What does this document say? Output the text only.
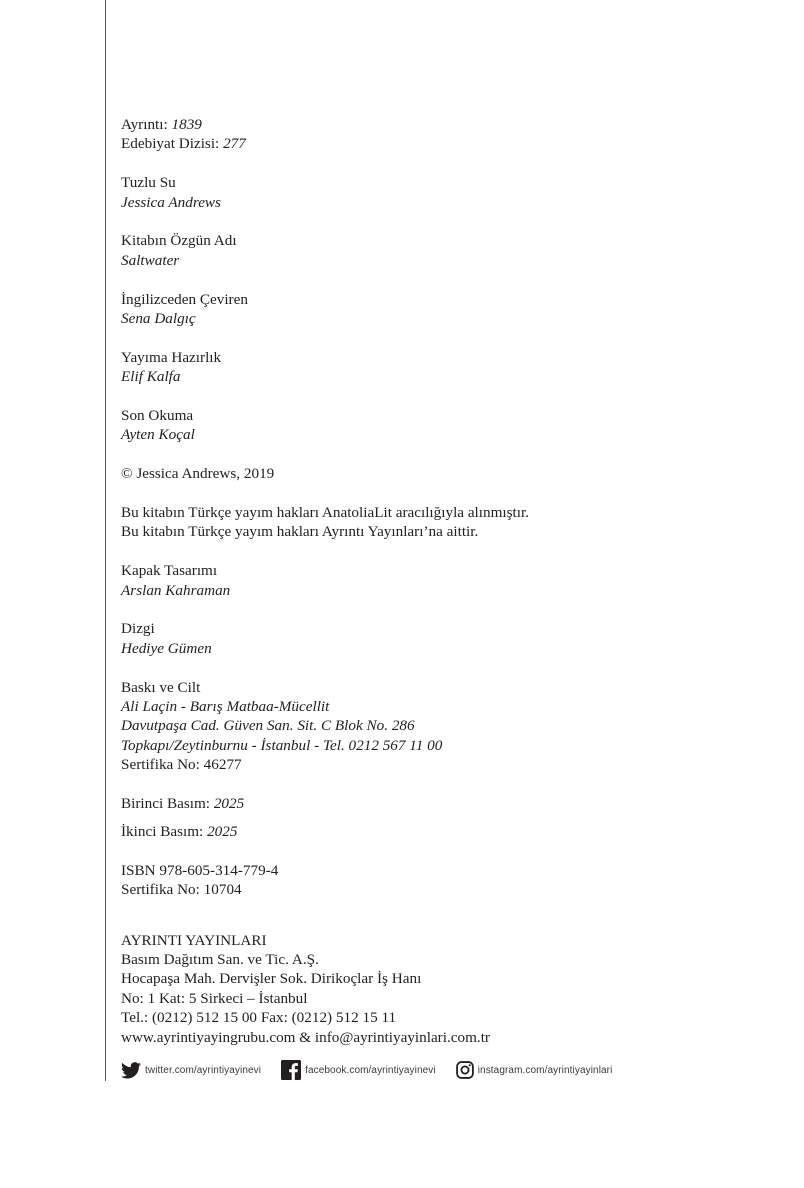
Ayrıntı: 1839
Edebiyat Dizisi: 277
Tuzlu Su
Jessica Andrews
Kitabın Özgün Adı
Saltwater
İngilizceden Çeviren
Sena Dalgıç
Yayıma Hazırlık
Elif Kalfa
Son Okuma
Ayten Koçal
© Jessica Andrews, 2019
Bu kitabın Türkçe yayım hakları AnatoliaLit aracılığıyla alınmıştır.
Bu kitabın Türkçe yayım hakları Ayrıntı Yayınları’na aittir.
Kapak Tasarımı
Arslan Kahraman
Dizgi
Hediye Gümen
Baskı ve Cilt
Ali Laçin - Barış Matbaa-Mücellit
Davutpaşa Cad. Güven San. Sit. C Blok No. 286
Topkapı/Zeytinburnu - İstanbul - Tel. 0212 567 11 00
Sertifika No: 46277
Birinci Basım: 2025
İkinci Basım: 2025
ISBN 978-605-314-779-4
Sertifika No: 10704
AYRINTI YAYINLARI
Basım Dağıtım San. ve Tic. A.Ş.
Hocapaşa Mah. Dervişler Sok. Dirikoçlar İş Hanı
No: 1 Kat: 5 Sirkeci – İstanbul
Tel.: (0212) 512 15 00 Fax: (0212) 512 15 11
www.ayrintiyayingrubu.com & info@ayrintiyayinlari.com.tr
twitter.com/ayrintiyayinevi	facebook.com/ayrintiyayinevi	instagram.com/ayrintiyayinlari
